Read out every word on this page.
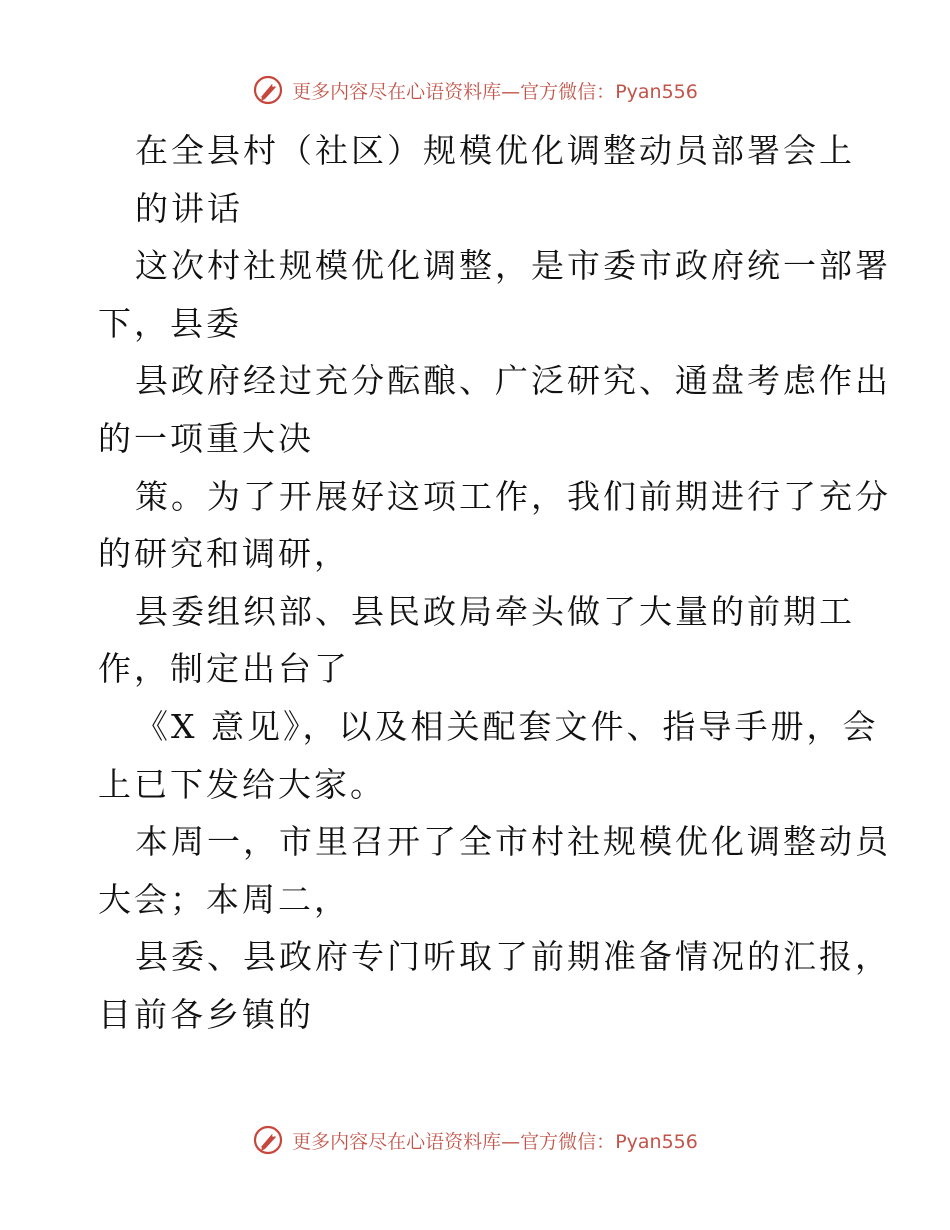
更多内容尽在心语资料库—官方微信：Pyan556
在全县村（社区）规模优化调整动员部署会上
的讲话
这次村社规模优化调整，是市委市政府统一部署
下，县委
县政府经过充分酝酿、广泛研究、通盘考虑作出
的一项重大决
策。为了开展好这项工作，我们前期进行了充分
的研究和调研，
县委组织部、县民政局牵头做了大量的前期工
作，制定出台了
《X 意见》，以及相关配套文件、指导手册，会
上已下发给大家。
本周一，市里召开了全市村社规模优化调整动员
大会；本周二，
县委、县政府专门听取了前期准备情况的汇报，
目前各乡镇的
更多内容尽在心语资料库—官方微信：Pyan556
